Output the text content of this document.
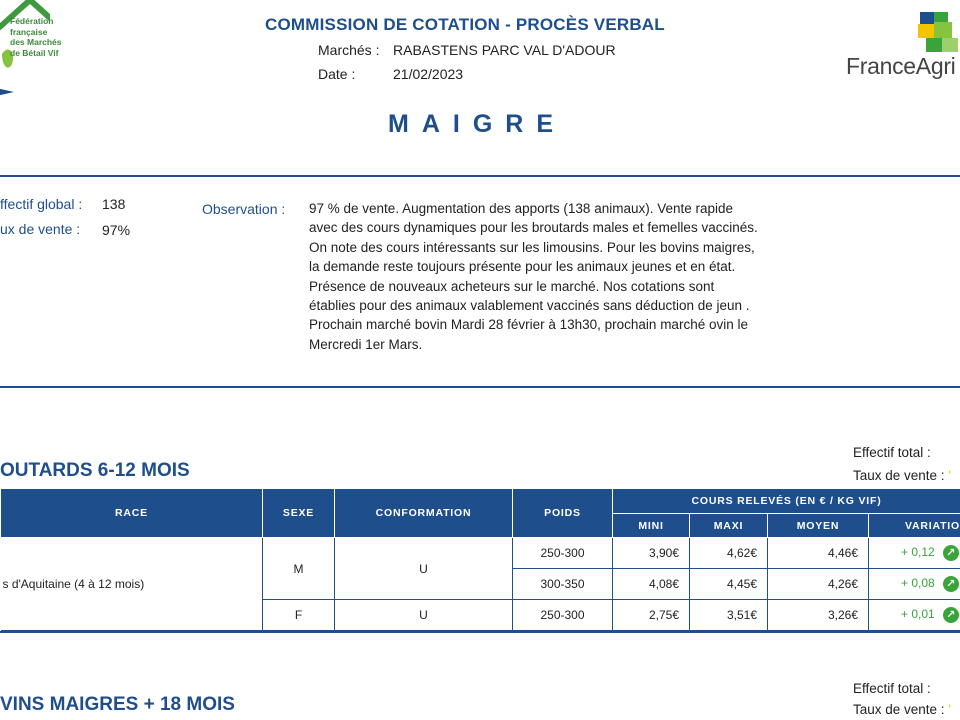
Fédération
française
des Marchés
de Bétail Vif
COMMISSION DE COTATION - PROCÈS VERBAL
Marchés : RABASTENS PARC VAL D'ADOUR
Date :	21/02/2023	FranceAgri
MAIGRE
ffectif global : 138
ux de vente : 97%
Observation : 97 % de vente. Augmentation des apports (138 animaux). Vente rapide avec des cours dynamiques pour les broutards males et femelles vaccinés. On note des cours intéressants sur les limousins. Pour les bovins maigres, la demande reste toujours présente pour les animaux jeunes et en état. Présence de nouveaux acheteurs sur le marché. Nos cotations sont établies pour des animaux valablement vaccinés sans déduction de jeun . Prochain marché bovin Mardi 28 février à 13h30, prochain marché ovin le Mercredi 1er Mars.
Effectif total :
OUTARDS 6-12 MOIS	Taux de vente : '
RACE	SEXE	CONFORMATION	POIDS	COURS RELEVÉS (EN € / KG VIF)			
				MINI	MAXI	MOYEN	VARIATIO
s d'Aquitaine (4 à 12 mois)	M	U	250-300	3,90€	4,62€	4,46€	+ 0,12 ↗
			300-350	4,08€	4,45€	4,26€	+ 0,08 ↗
	F	U	250-300	2,75€	3,51€	3,26€	+ 0,01 ↗
Effectif total :
VINS MAIGRES + 18 MOIS	Taux de vente : '
